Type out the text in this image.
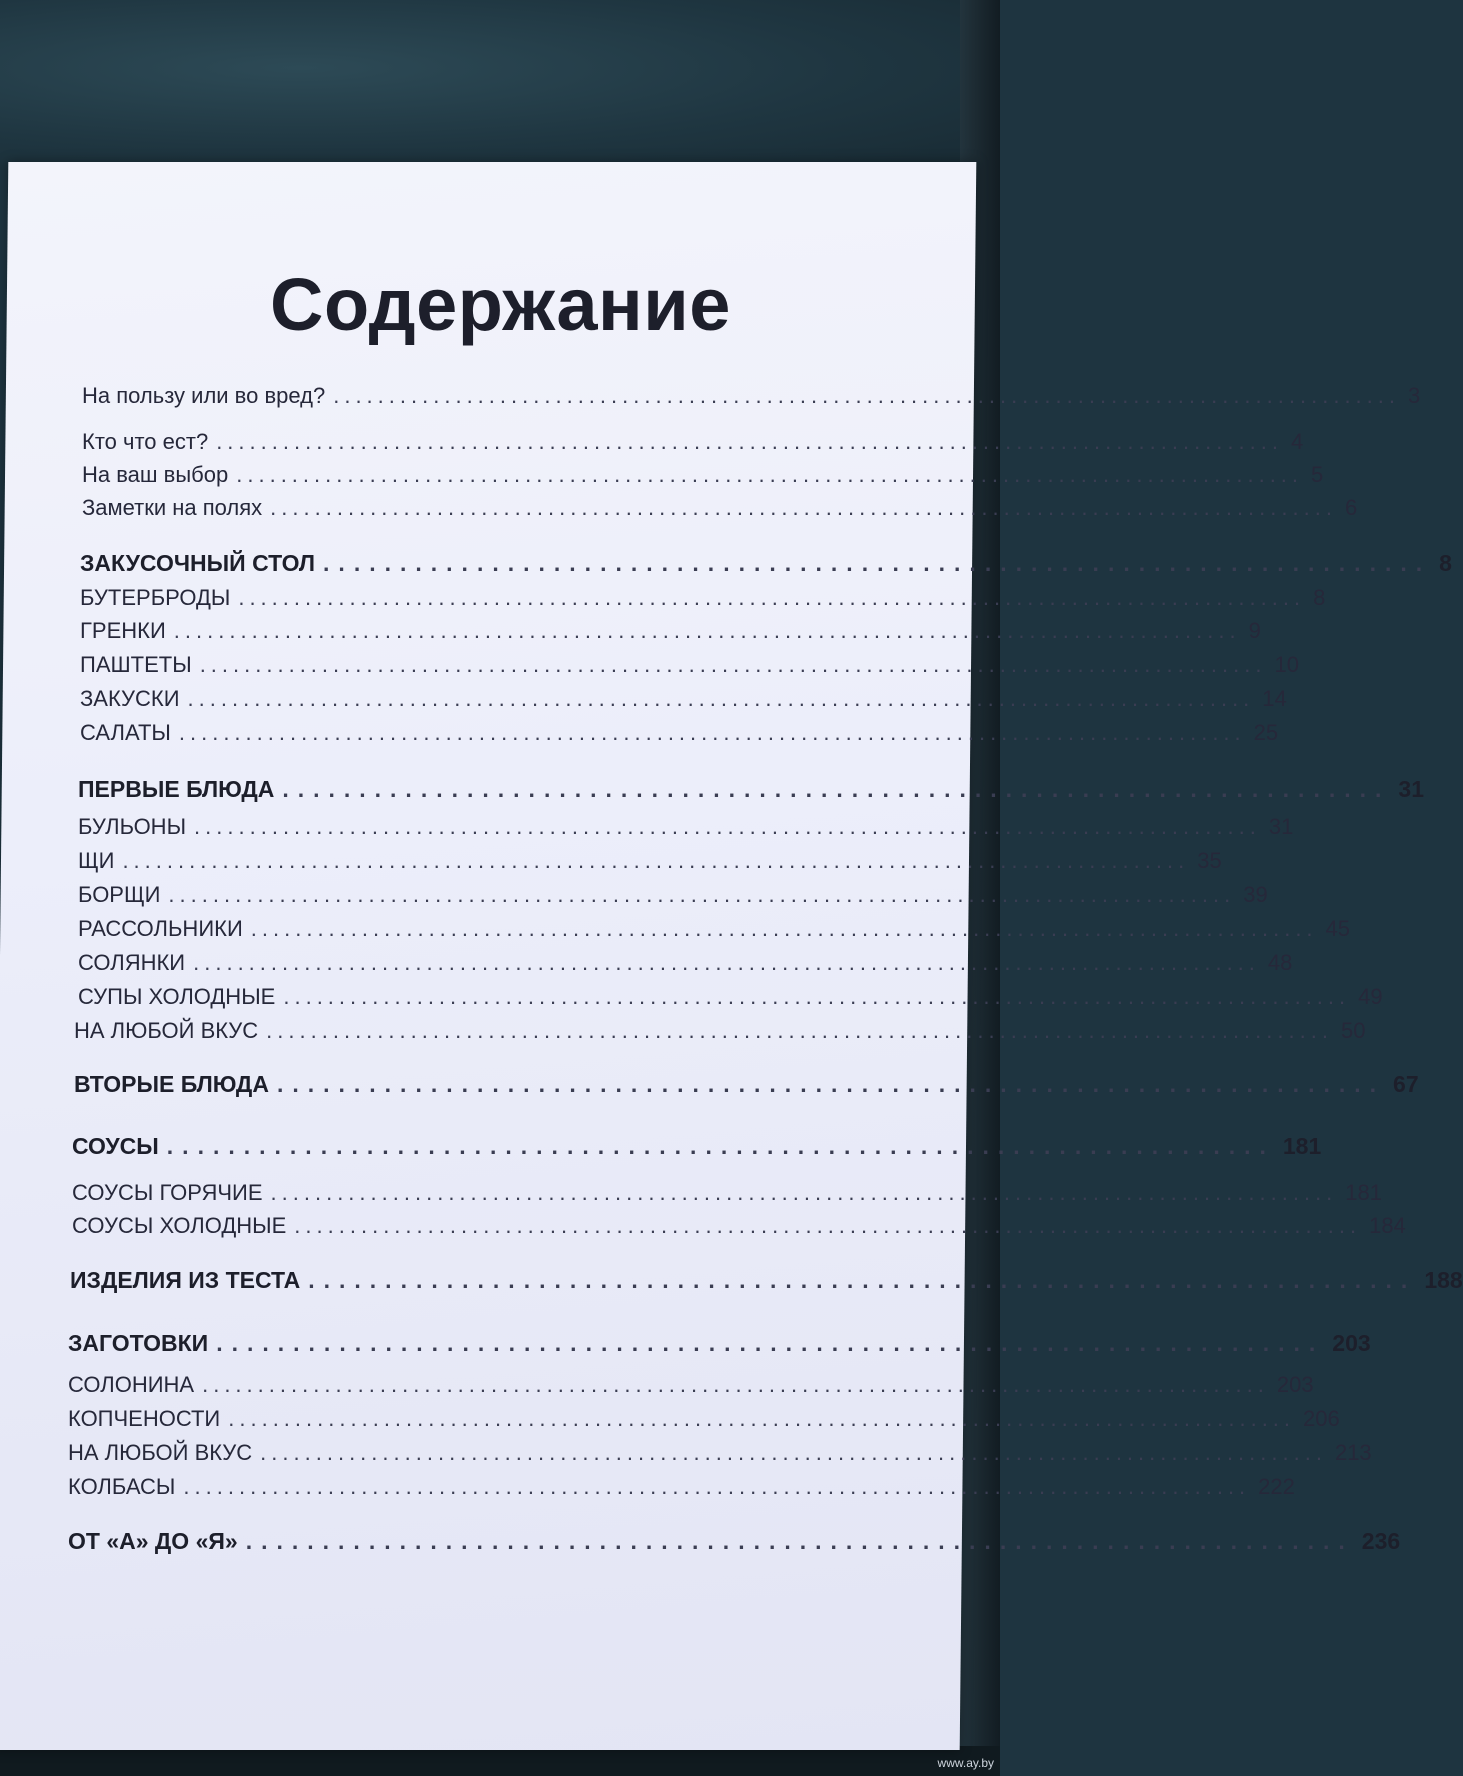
Содержание
На пользу или во вред? ................................................................................................ 3
Кто что ест? ................................................................................................ 4
На ваш выбор ................................................................................................ 5
Заметки на полях ................................................................................................ 6
ЗАКУСОЧНЫЙ СТОЛ ........................................................................ 8
БУТЕРБРОДЫ ................................................................................................ 8
ГРЕНКИ ................................................................................................ 9
ПАШТЕТЫ ................................................................................................ 10
ЗАКУСКИ ................................................................................................ 14
САЛАТЫ ................................................................................................ 25
ПЕРВЫЕ БЛЮДА ........................................................................ 31
БУЛЬОНЫ ................................................................................................ 31
ЩИ ................................................................................................ 35
БОРЩИ ................................................................................................ 39
РАССОЛЬНИКИ ................................................................................................ 45
СОЛЯНКИ ................................................................................................ 48
СУПЫ ХОЛОДНЫЕ ................................................................................................ 49
НА ЛЮБОЙ ВКУС ................................................................................................ 50
ВТОРЫЕ БЛЮДА ........................................................................ 67
СОУСЫ ........................................................................ 181
СОУСЫ ГОРЯЧИЕ ................................................................................................ 181
СОУСЫ ХОЛОДНЫЕ ................................................................................................ 184
ИЗДЕЛИЯ ИЗ ТЕСТА ........................................................................ 188
ЗАГОТОВКИ ........................................................................ 203
СОЛОНИНА ................................................................................................ 203
КОПЧЕНОСТИ ................................................................................................ 206
НА ЛЮБОЙ ВКУС ................................................................................................ 213
КОЛБАСЫ ................................................................................................ 222
ОТ «А» ДО «Я» ........................................................................ 236
www.ay.by
